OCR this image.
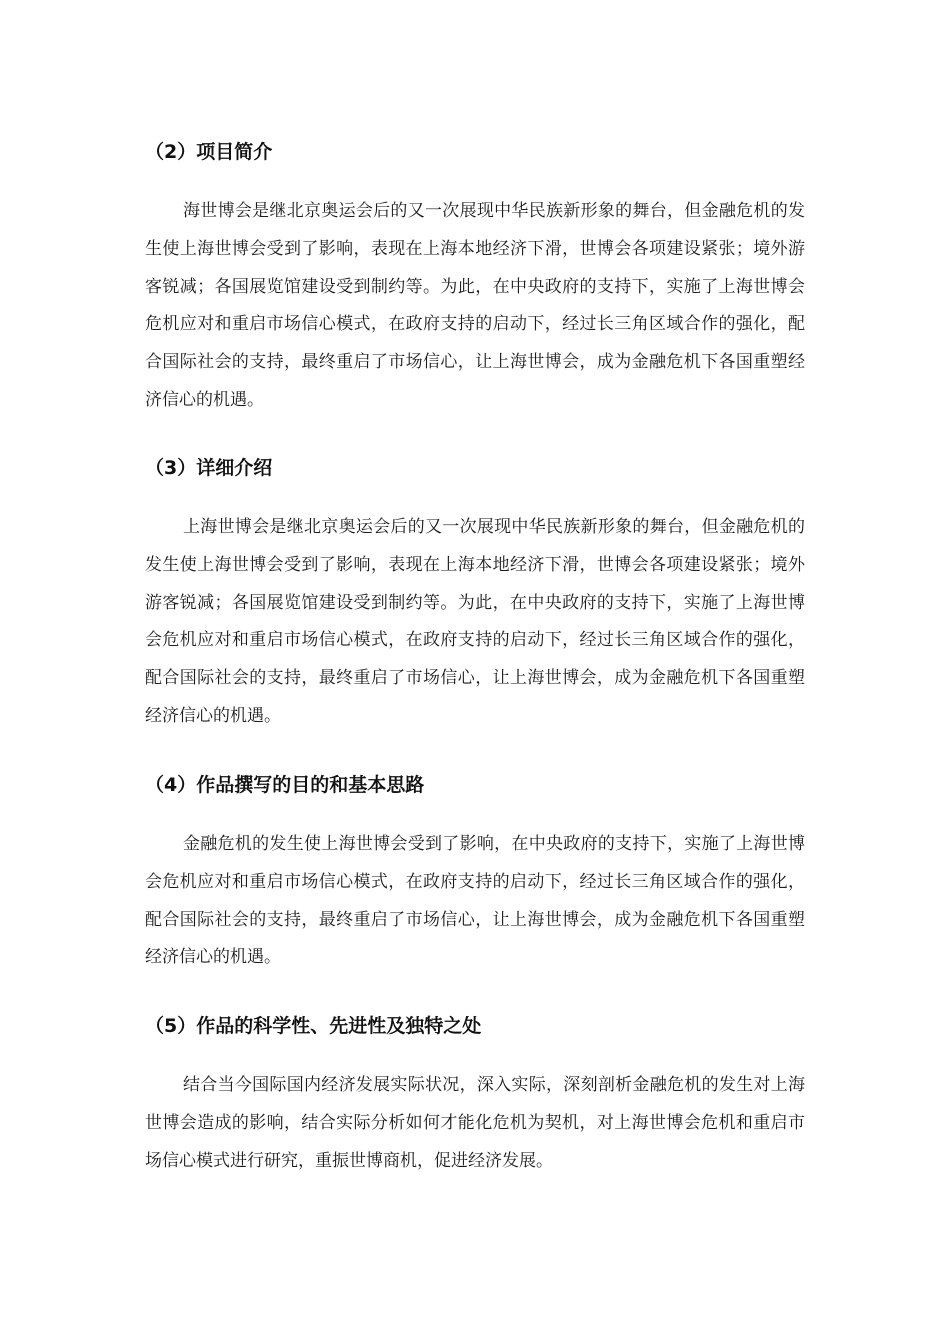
（2）项目简介

海世博会是继北京奥运会后的又一次展现中华民族新形象的舞台，但金融危机的发生使上海世博会受到了影响，表现在上海本地经济下滑，世博会各项建设紧张；境外游客锐减；各国展览馆建设受到制约等。为此，在中央政府的支持下，实施了上海世博会危机应对和重启市场信心模式，在政府支持的启动下，经过长三角区域合作的强化，配合国际社会的支持，最终重启了市场信心，让上海世博会，成为金融危机下各国重塑经济信心的机遇。

（3）详细介绍

上海世博会是继北京奥运会后的又一次展现中华民族新形象的舞台，但金融危机的发生使上海世博会受到了影响，表现在上海本地经济下滑，世博会各项建设紧张；境外游客锐减；各国展览馆建设受到制约等。为此，在中央政府的支持下，实施了上海世博会危机应对和重启市场信心模式，在政府支持的启动下，经过长三角区域合作的强化，配合国际社会的支持，最终重启了市场信心，让上海世博会，成为金融危机下各国重塑经济信心的机遇。

（4）作品撰写的目的和基本思路

金融危机的发生使上海世博会受到了影响，在中央政府的支持下，实施了上海世博会危机应对和重启市场信心模式，在政府支持的启动下，经过长三角区域合作的强化，配合国际社会的支持，最终重启了市场信心，让上海世博会，成为金融危机下各国重塑经济信心的机遇。

（5）作品的科学性、先进性及独特之处

结合当今国际国内经济发展实际状况，深入实际，深刻剖析金融危机的发生对上海世博会造成的影响，结合实际分析如何才能化危机为契机，对上海世博会危机和重启市场信心模式进行研究，重振世博商机，促进经济发展。
